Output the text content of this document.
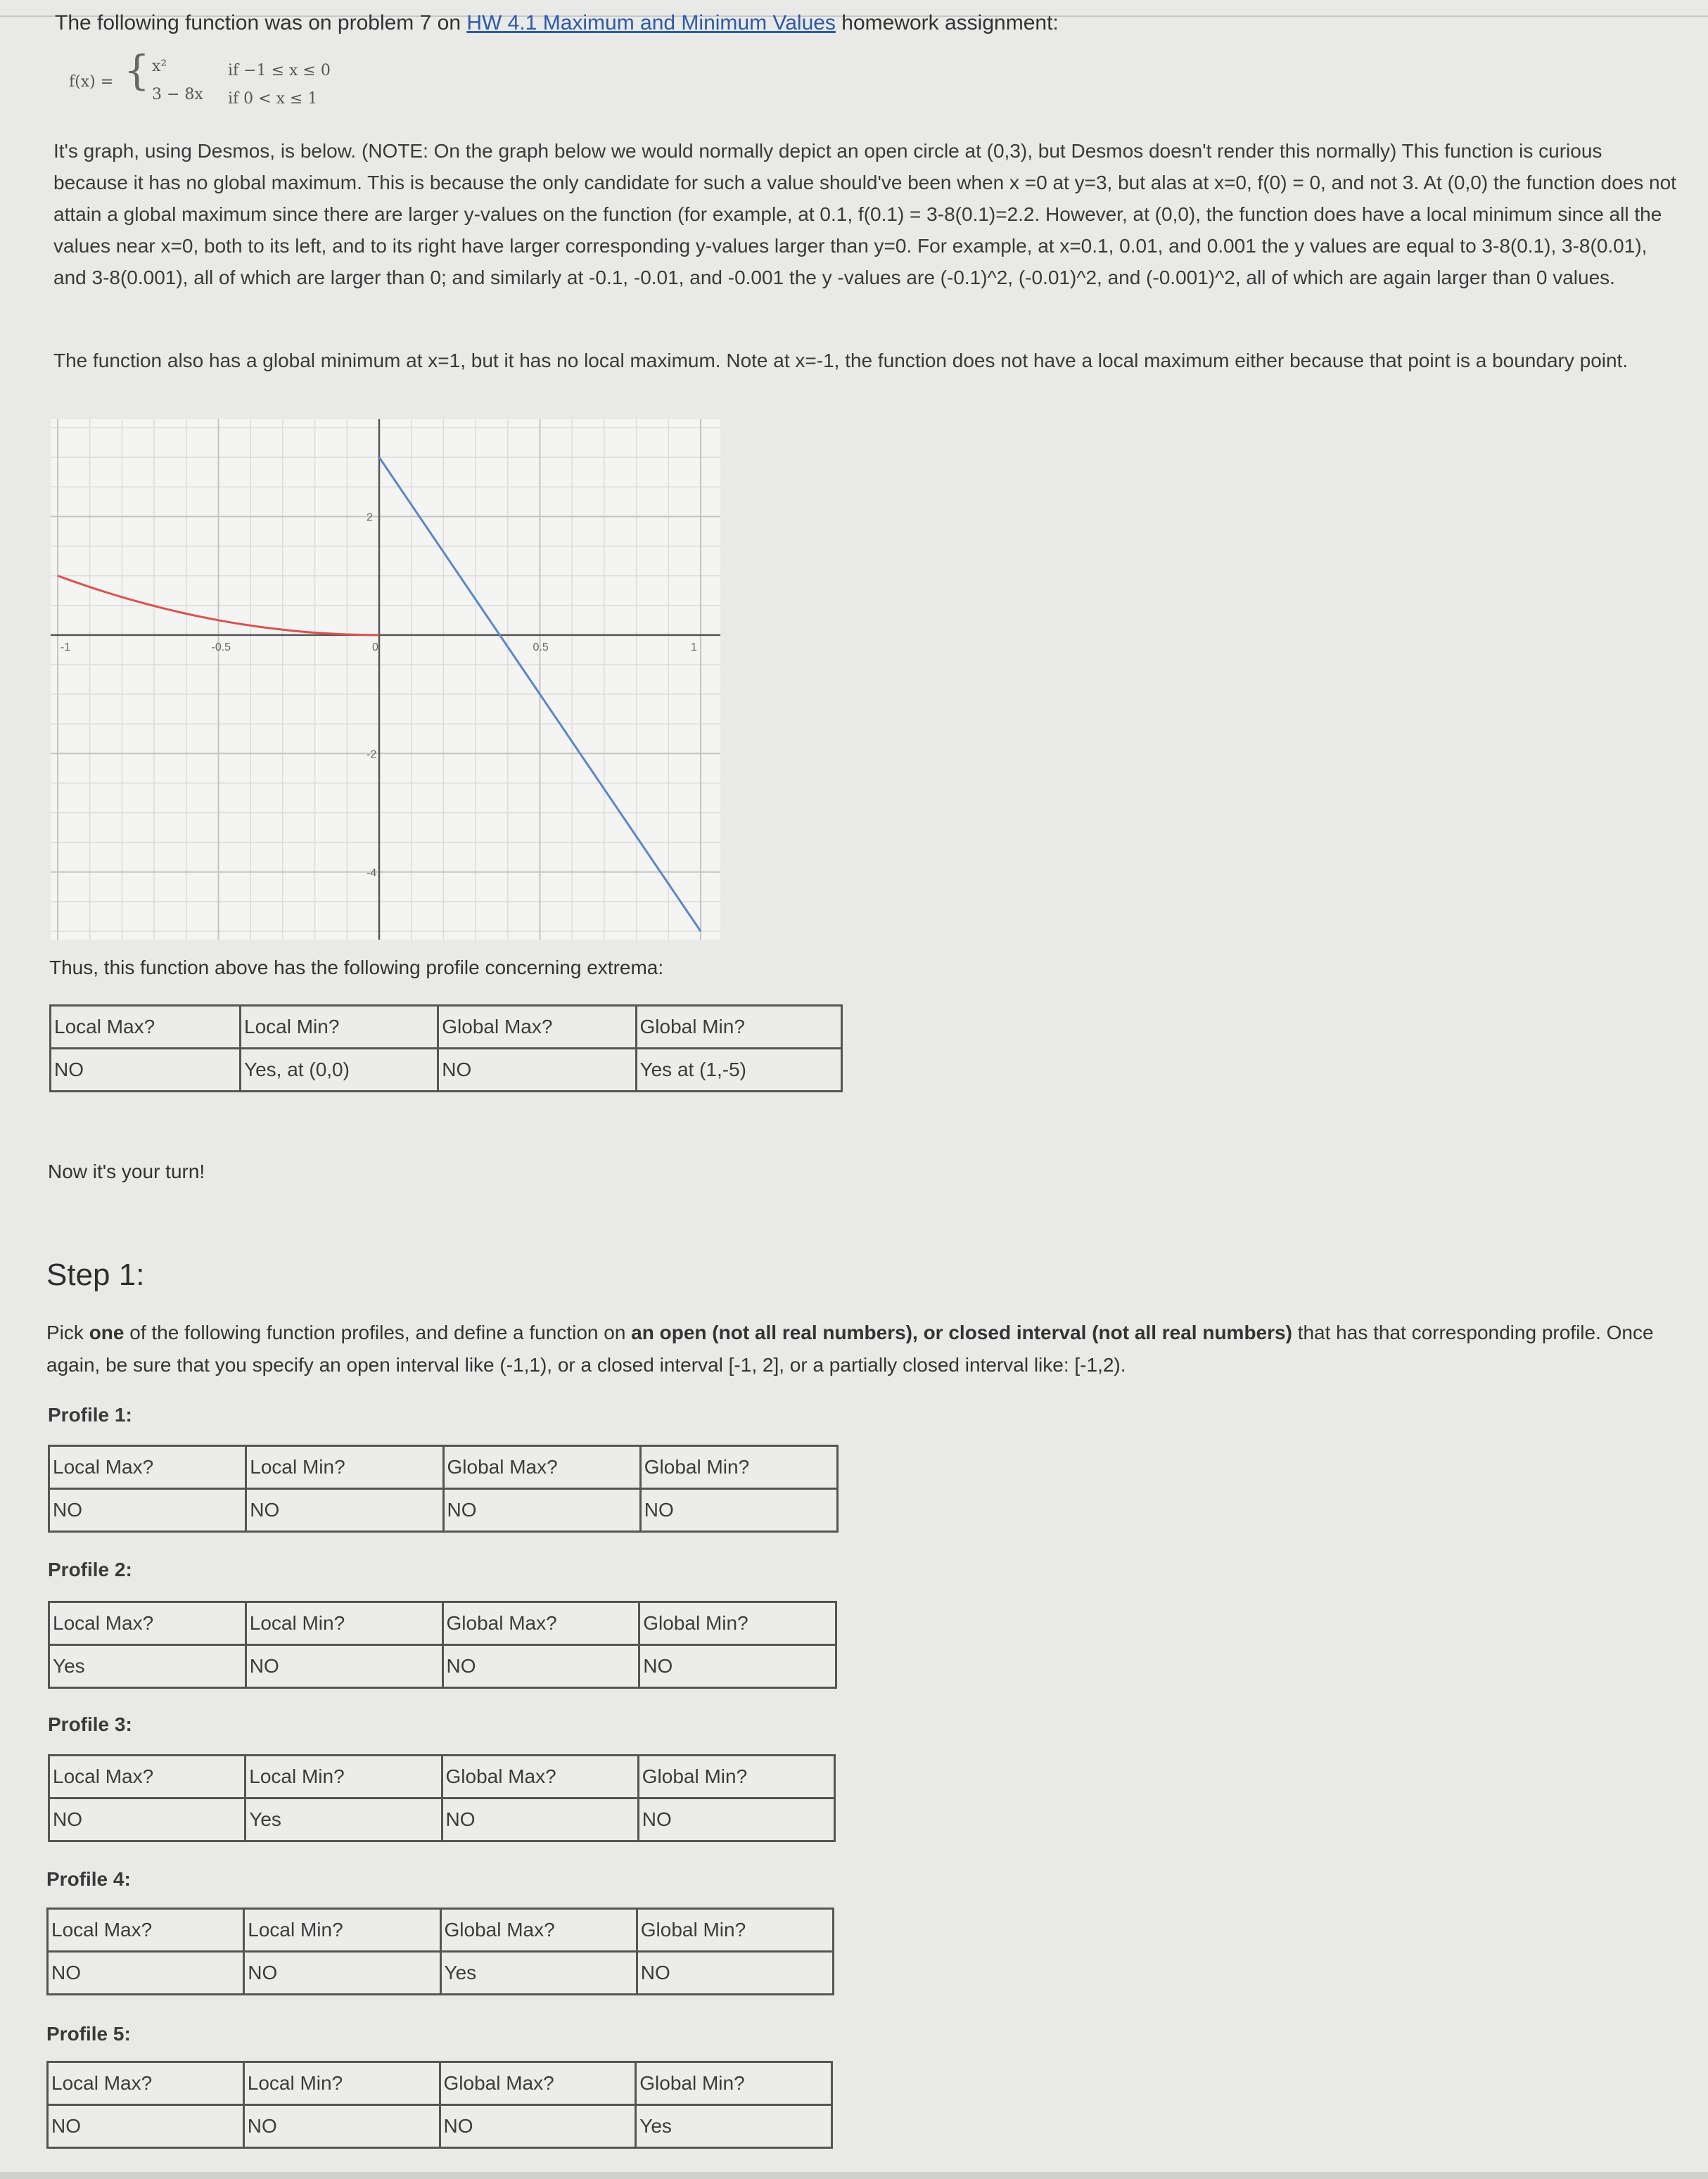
The following function was on problem 7 on HW 4.1 Maximum and Minimum Values homework assignment:

f(x) = { x²	if −1 ≤ x ≤ 0
3 − 8x if 0 < x ≤ 1

It's graph, using Desmos, is below. (NOTE: On the graph below we would normally depict an open circle at (0,3), but Desmos doesn't render this normally) This function is curious because it has no global maximum. This is because the only candidate for such a value should've been when x =0 at y=3, but alas at x=0, f(0) = 0, and not 3. At (0,0) the function does not attain a global maximum since there are larger y-values on the function (for example, at 0.1, f(0.1) = 3-8(0.1)=2.2. However, at (0,0), the function does have a local minimum since all the values near x=0, both to its left, and to its right have larger corresponding y-values larger than y=0. For example, at x=0.1, 0.01, and 0.001 the y values are equal to 3-8(0.1), 3-8(0.01), and 3-8(0.001), all of which are larger than 0; and similarly at -0.1, -0.01, and -0.001 the y -values are (-0.1)^2, (-0.01)^2, and (-0.001)^2, all of which are again larger than 0 values.

The function also has a global minimum at x=1, but it has no local maximum. Note at x=-1, the function does not have a local maximum either because that point is a boundary point.

-1	-0.5	0	0.5	1
2
-2
-4

Thus, this function above has the following profile concerning extrema:

Local Max?	Local Min?	Global Max?	Global Min?
NO	Yes, at (0,0)	NO	Yes at (1,-5)

Now it's your turn!

Step 1:

Pick one of the following function profiles, and define a function on an open (not all real numbers), or closed interval (not all real numbers) that has that corresponding profile. Once again, be sure that you specify an open interval like (-1,1), or a closed interval [-1, 2], or a partially closed interval like: [-1,2).

Profile 1:

Local Max?	Local Min?	Global Max?	Global Min?
NO	NO	NO	NO

Profile 2:

Local Max?	Local Min?	Global Max?	Global Min?
Yes	NO	NO	NO

Profile 3:

Local Max?	Local Min?	Global Max?	Global Min?
NO	Yes	NO	NO

Profile 4:

Local Max?	Local Min?	Global Max?	Global Min?
NO	NO	Yes	NO

Profile 5:

Local Max?	Local Min?	Global Max?	Global Min?
NO	NO	NO	Yes
